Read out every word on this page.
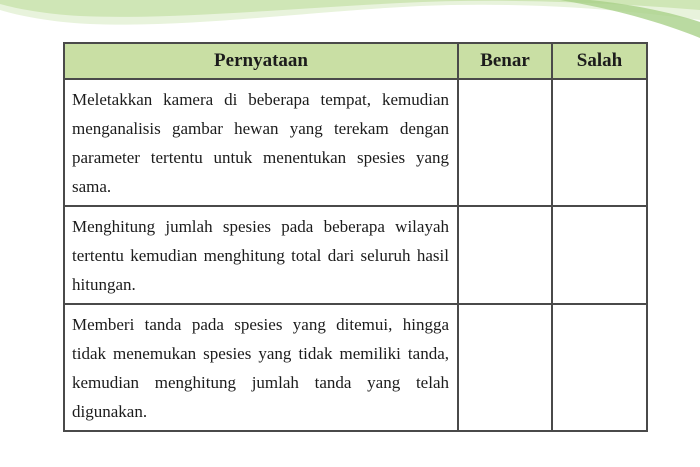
Pernyataan	Benar	Salah

Meletakkan kamera di beberapa tempat, kemudian menganalisis gambar hewan yang terekam dengan parameter tertentu untuk menentukan spesies yang sama.		

Menghitung jumlah spesies pada beberapa wilayah tertentu kemudian menghitung total dari seluruh hasil hitungan.		

Memberi tanda pada spesies yang ditemui, hingga tidak menemukan spesies yang tidak memiliki tanda, kemudian menghitung jumlah tanda yang telah digunakan.		
